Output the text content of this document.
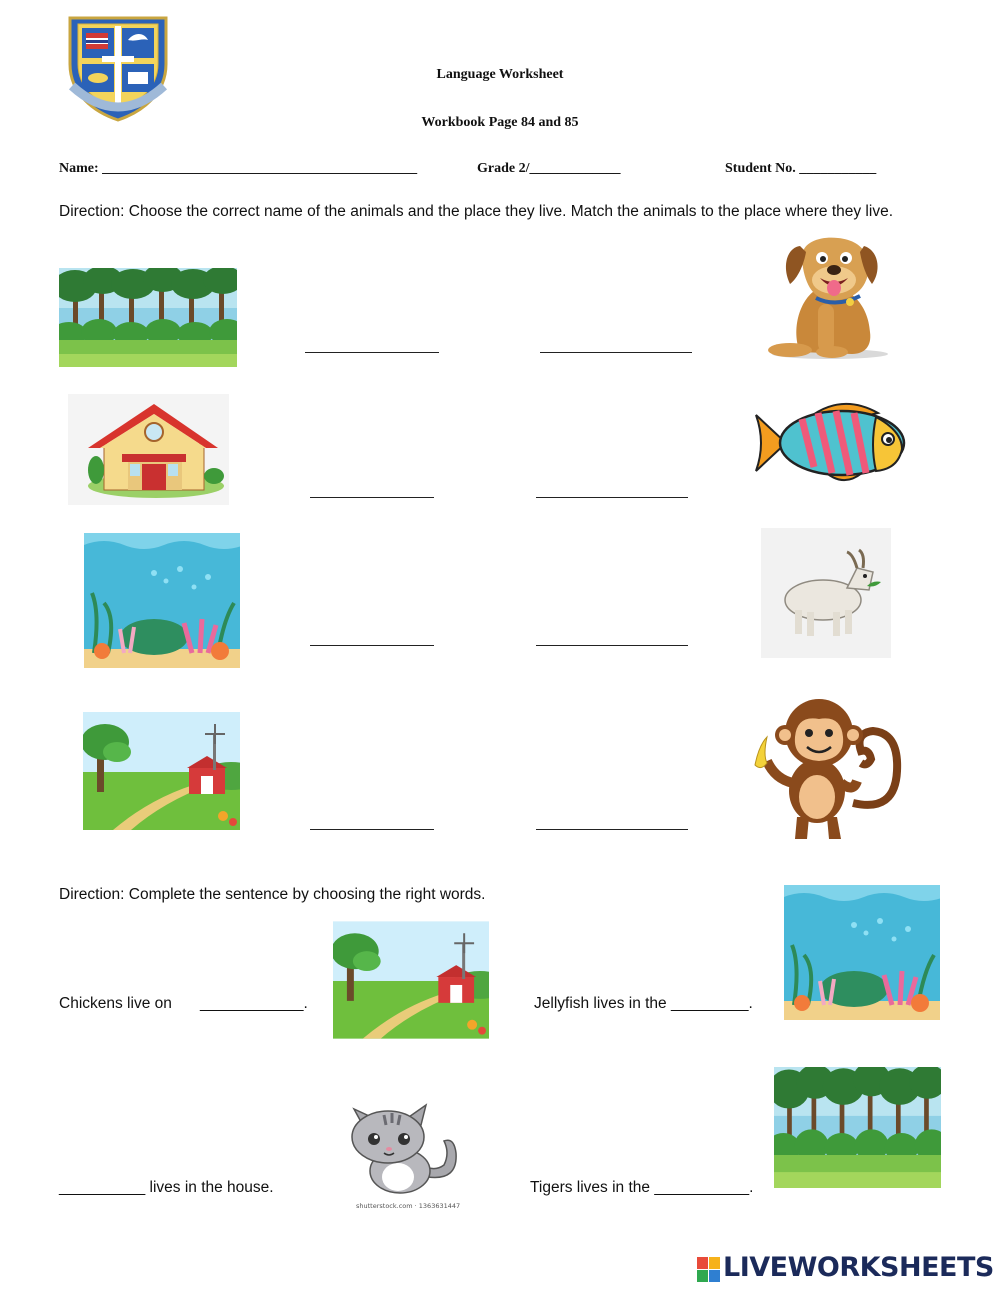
Language Worksheet
Workbook Page 84 and 85
Name: _____________________________________________	Grade 2/_____________	Student No. ___________
Direction: Choose the correct name of the animals and the place they live. Match the animals to the place where they live.
Direction: Complete the sentence by choosing the right words.
Chickens live on ____________.	Jellyfish lives in the _________.
__________ lives in the house.
shutterstock.com · 1363631447
Tigers lives in the ___________.
LIVEWORKSHEETS
